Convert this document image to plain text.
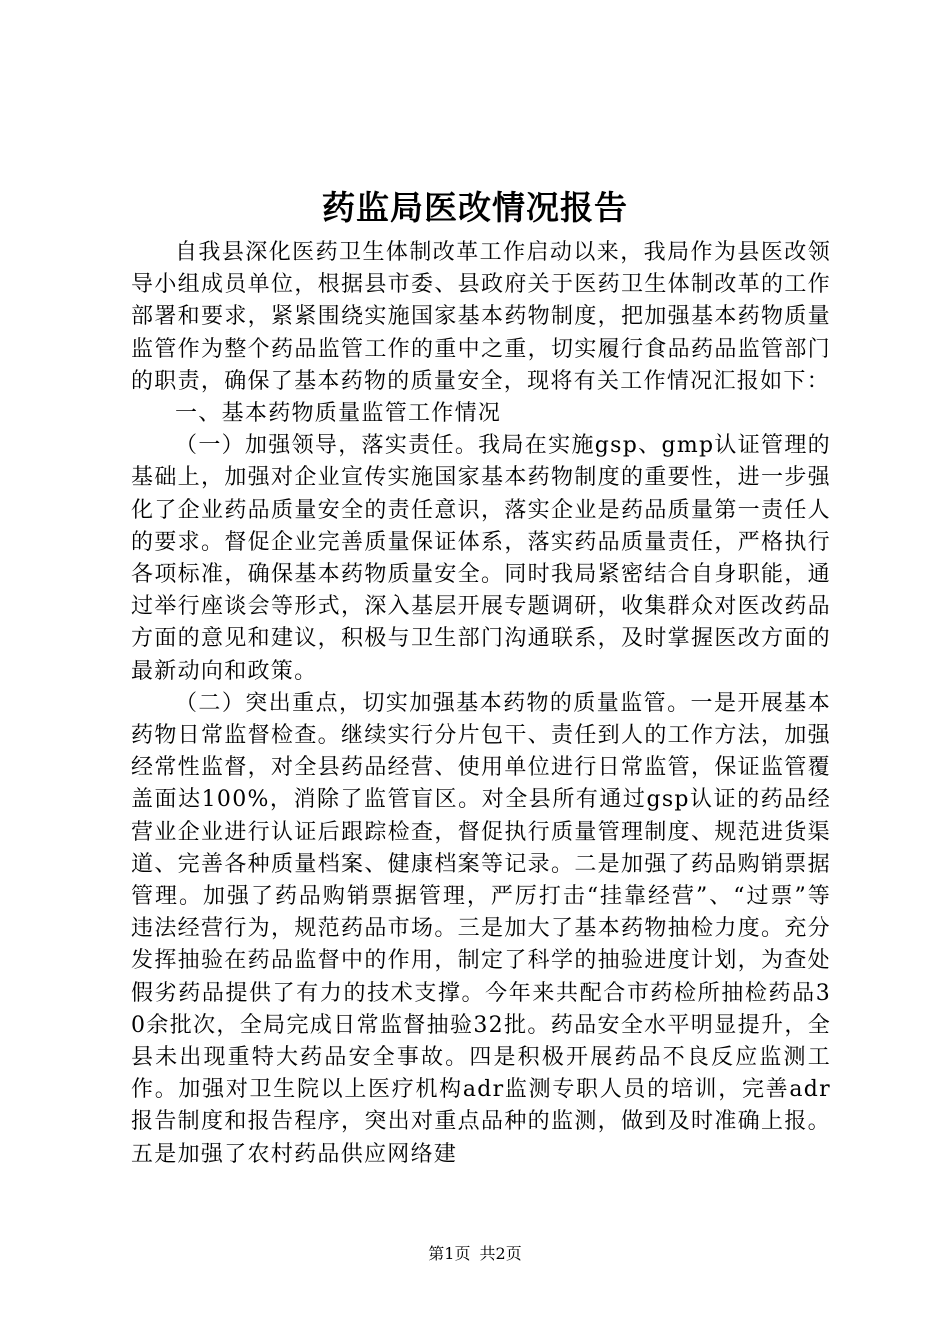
药监局医改情况报告

自我县深化医药卫生体制改革工作启动以来，我局作为县医改领导小组成员单位，根据县市委、县政府关于医药卫生体制改革的工作部署和要求，紧紧围绕实施国家基本药物制度，把加强基本药物质量监管作为整个药品监管工作的重中之重，切实履行食品药品监管部门的职责，确保了基本药物的质量安全，现将有关工作情况汇报如下：

一、基本药物质量监管工作情况

（一）加强领导，落实责任。我局在实施gsp、gmp认证管理的基础上，加强对企业宣传实施国家基本药物制度的重要性，进一步强化了企业药品质量安全的责任意识，落实企业是药品质量第一责任人的要求。督促企业完善质量保证体系，落实药品质量责任，严格执行各项标准，确保基本药物质量安全。同时我局紧密结合自身职能，通过举行座谈会等形式，深入基层开展专题调研，收集群众对医改药品方面的意见和建议，积极与卫生部门沟通联系，及时掌握医改方面的最新动向和政策。

（二）突出重点，切实加强基本药物的质量监管。一是开展基本药物日常监督检查。继续实行分片包干、责任到人的工作方法，加强经常性监督，对全县药品经营、使用单位进行日常监管，保证监管覆盖面达100%，消除了监管盲区。对全县所有通过gsp认证的药品经营业企业进行认证后跟踪检查，督促执行质量管理制度、规范进货渠道、完善各种质量档案、健康档案等记录。二是加强了药品购销票据管理。加强了药品购销票据管理，严厉打击“挂靠经营”、“过票”等违法经营行为，规范药品市场。三是加大了基本药物抽检力度。充分发挥抽验在药品监督中的作用，制定了科学的抽验进度计划，为查处假劣药品提供了有力的技术支撑。今年来共配合市药检所抽检药品30余批次，全局完成日常监督抽验32批。药品安全水平明显提升，全县未出现重特大药品安全事故。四是积极开展药品不良反应监测工作。加强对卫生院以上医疗机构adr监测专职人员的培训，完善adr报告制度和报告程序，突出对重点品种的监测，做到及时准确上报。五是加强了农村药品供应网络建

第1页 共2页
